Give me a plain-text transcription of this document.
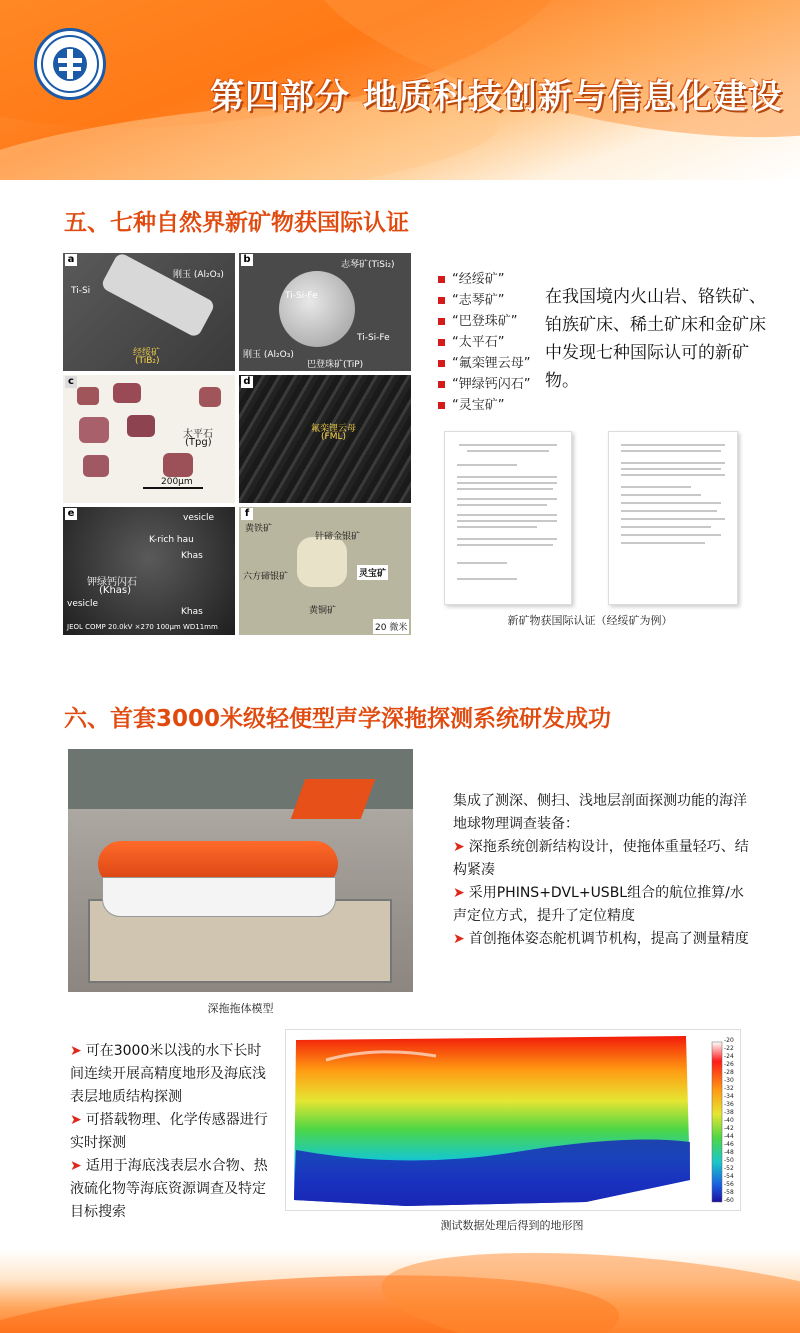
第四部分 地质科技创新与信息化建设
五、七种自然界新矿物获国际认证
a
Ti-Si
刚玉 (Al₂O₃)
经绥矿
(TiB₂)
b	志琴矿(TiSi₂)
Ti-Si-Fe
Ti-Si-Fe
刚玉 (Al₂O₃)
巴登珠矿(TiP)
c
太平石
(Tpg)
200μm
d
氟栾锂云母
(FML)
e	vesicle
K-rich hau
Khas
钾绿钙闪石
(Khas)
vesicle
Khas
JEOL COMP 20.0kV ×270 100μm WD11mm
f
黄铁矿
针碲金银矿
六方碲银矿	灵宝矿
黄铜矿
20 微米
“经绥矿”
“志琴矿”
“巴登珠矿”
“太平石”
“氟栾锂云母”
“钾绿钙闪石”
“灵宝矿”
在我国境内火山岩、铬铁矿、铂族矿床、稀土矿床和金矿床中发现七种国际认可的新矿物。
新矿物获国际认证（经绥矿为例）
六、首套3000米级轻便型声学深拖探测系统研发成功
深拖拖体模型
集成了测深、侧扫、浅地层剖面探测功能的海洋地球物理调查装备：
➤ 深拖系统创新结构设计，使拖体重量轻巧、结构紧凑
➤ 采用PHINS+DVL+USBL组合的航位推算/水声定位方式，提升了定位精度
➤ 首创拖体姿态舵机调节机构，提高了测量精度
➤ 可在3000米以浅的水下长时间连续开展高精度地形及海底浅表层地质结构探测
➤ 可搭载物理、化学传感器进行实时探测
➤ 适用于海底浅表层水合物、热液硫化物等海底资源调查及特定目标搜索
-20
-22
-24
-26
-28
-30
-32
-34
-36
-38
-40
-42
-44
-46
-48
-50
-52
-54
-56
-58
-60
测试数据处理后得到的地形图
